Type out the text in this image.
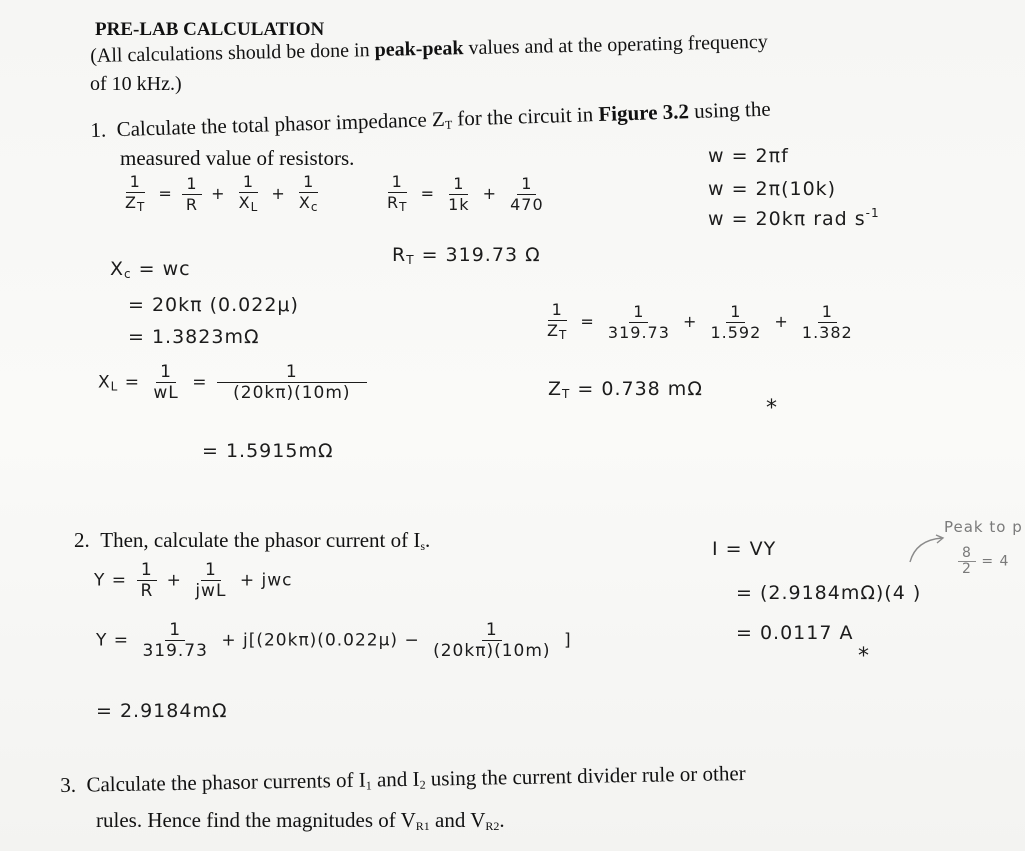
PRE-LAB CALCULATION
(All calculations should be done in peak-peak values and at the operating frequency
of 10 kHz.)
1. Calculate the total phasor impedance $Z_T$ for the circuit in Figure 3.2 using the
measured value of resistors.	w = 2πf
w = 2π(10k)
w = 20kπ rad $s^{-1}$
$\frac{1}{Z_T} = \frac{1}{R} + \frac{1}{X_L} + \frac{1}{X_c}$	$\frac{1}{R_T} = \frac{1}{1k} + \frac{1}{470}$
$R_T = 319.73$ Ω
$X_c$ = wc
= 20kπ (0.022μ)
= 1.3823mΩ
$X_L = \frac{1}{wL} = \frac{1}{(20k\pi)(10m)}$
= 1.5915mΩ
$\frac{1}{Z_T} = \frac{1}{319.73} + \frac{1}{1.592} + \frac{1}{1.382}$
$Z_T = 0.738$ mΩ
*
2. Then, calculate the phasor current of $I_s$.
Peak to p
$\frac{8}{2} = 4$
$Y = \frac{1}{R} + \frac{1}{\text{jwL}}$ + jwc
I = VY
= (2.9184mΩ)(4 )
= 0.0117 A
*
$Y = \frac{1}{319.73} + j[(20k\pi)(0.022\mu) - \frac{1}{(20k\pi)(10m)}$ ]
= 2.9184mΩ
3. Calculate the phasor currents of $I_1$ and $I_2$ using the current divider rule or other
rules. Hence find the magnitudes of $V_{R1}$ and $V_{R2}$.
